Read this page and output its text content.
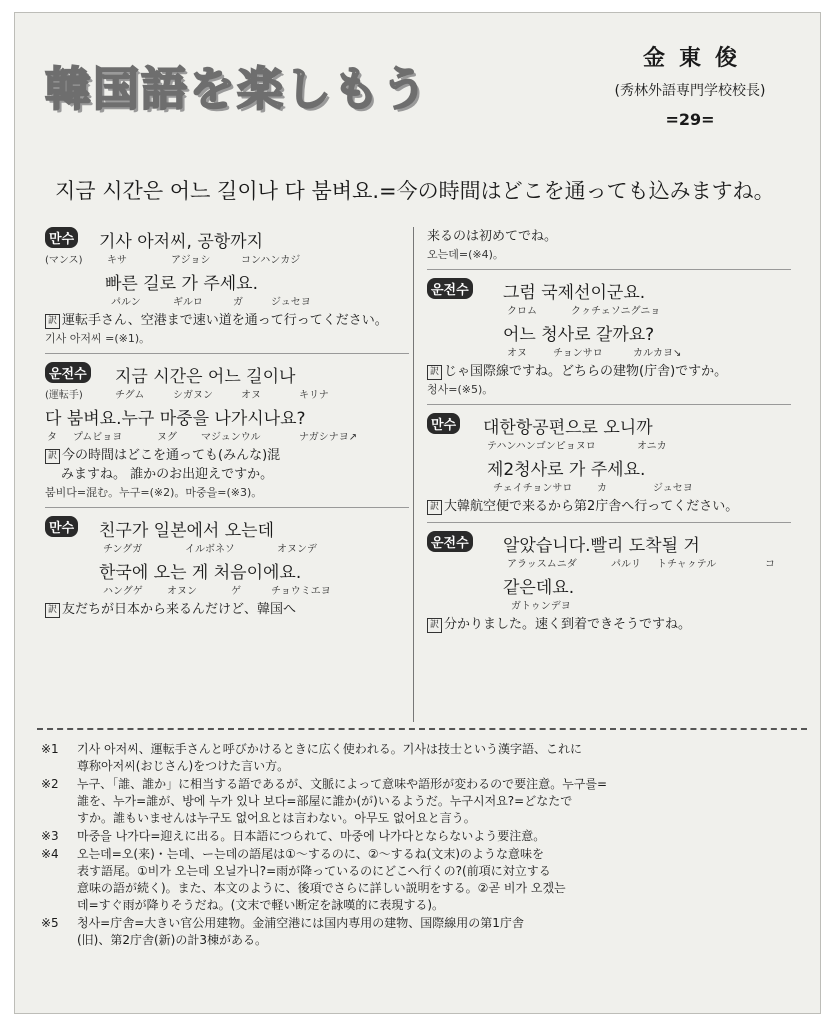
韓国語を楽しもう
金東俊
(秀林外語専門学校校長)
=29=
지금 시간은 어느 길이나 다 붐벼요.=今の時間はどこを通っても込みますね。
만수	기사 아저씨, 공항까지
(マンス) キサ	アジョシ	コンハンカジ
빠른 길로 가 주세요.
パルン	ギルロ	ガ	ジュセヨ
訳 運転手さん、空港まで速い道を通って行ってください。
기사 아저씨 =(※1)。
운전수	지금 시간은 어느 길이나
(運転手)	チグム	シガヌン	オヌ	キリナ
다 붐벼요.누구 마중을 나가시나요?
タ プムビョヨ	ヌグ マジュンウル	ナガシナヨ↗
訳 今の時間はどこを通っても(みんな)混
みますね。 誰かのお出迎えですか。
붐비다=混む。누구=(※2)。마중을=(※3)。
만수	친구가 일본에서 오는데
チングガ	イルボネソ	オヌンデ
한국에 오는 게 처음이에요.
ハングゲ オヌン	ゲ	チョウミエヨ
訳 友だちが日本から来るんだけど、韓国へ
来るのは初めてでね。
오는데=(※4)。
운전수	그럼 국제선이군요.
クロム	クㇰチェソニグニョ
어느 청사로 갈까요?
オヌ	チョンサロ	カルカヨ↘
訳 じゃ国際線ですね。どちらの建物(庁舎)ですか。
청사=(※5)。
만수	대한항공편으로 오니까
テハンハンゴンピョヌロ	オニカ
제2청사로 가 주세요.
チェイチョンサロ カ	ジュセヨ
訳 大韓航空便で来るから第2庁舎へ行ってください。
운전수	알았습니다.빨리 도착될 거
アラッスムニダ	パルリ トチャㇰテル	コ
같은데요.
ガトゥンデヨ
訳 分かりました。速く到着できそうですね。
※1	기사 아저씨、運転手さんと呼びかけるときに広く使われる。기사は技士という漢字語、これに
尊称아저씨(おじさん)をつけた言い方。
※2	누구、「誰、誰か」に相当する語であるが、文脈によって意味や語形が変わるので要注意。누구를=
誰を、누가=誰が、방에 누가 있나 보다=部屋に誰か(が)いるようだ。누구시저요?=どなたで
すか。誰もいませんは누구도 없어요とは言わない。아무도 없어요と言う。
※3	마중을 나가다=迎えに出る。日本語につられて、마중에 나가다とならないよう要注意。
※4	오는데=오(来)・는데、ー는데の語尾は①〜するのに、②〜するね(文末)のような意味を
表す語尾。①비가 오는데 오닐가니?=雨が降っているのにどこへ行くの?(前項に対立する
意味の語が続く)。また、本文のように、後項でさらに詳しい説明をする。②곧 비가 오겠는
데=すぐ雨が降りそうだね。(文末で軽い断定を詠嘆的に表現する)。
※5	청사=庁舎=大きい官公用建物。金浦空港には国内専用の建物、国際線用の第1庁舎
(旧)、第2庁舎(新)の計3棟がある。
